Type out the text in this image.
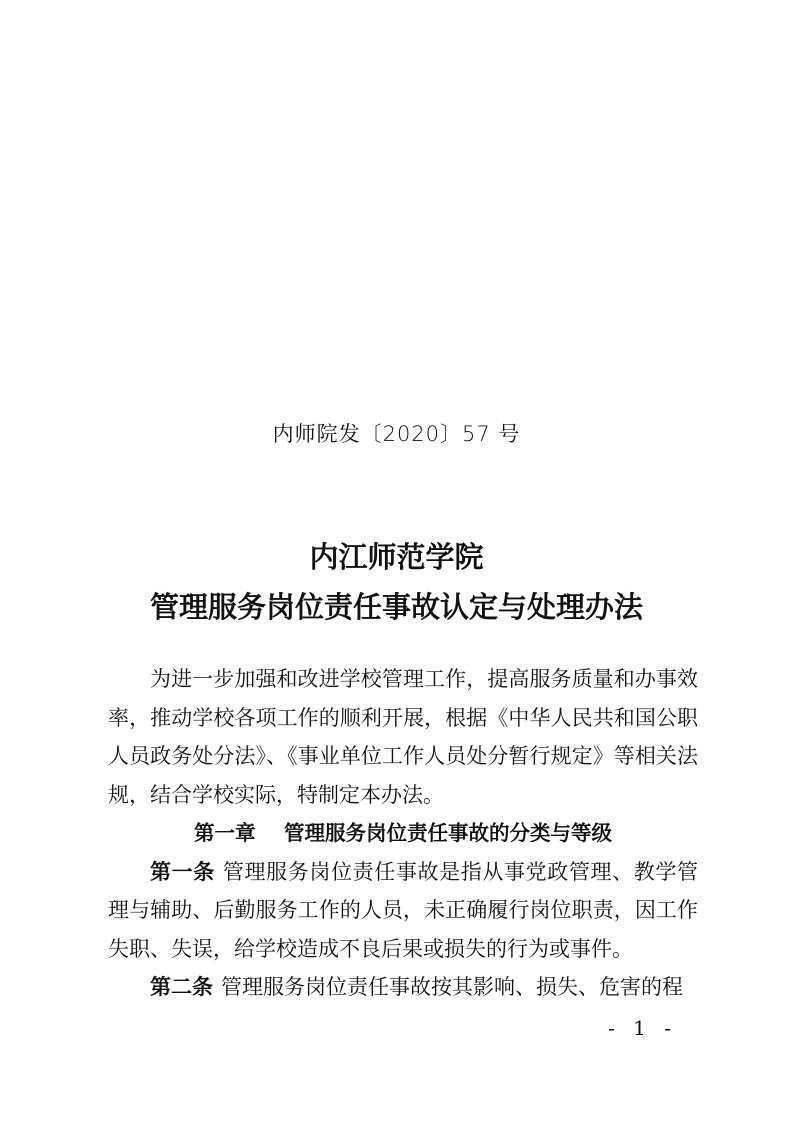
内师院发〔2020〕57 号
内江师范学院
管理服务岗位责任事故认定与处理办法

为进一步加强和改进学校管理工作，提高服务质量和办事效率，推动学校各项工作的顺利开展，根据《中华人民共和国公职人员政务处分法》、《事业单位工作人员处分暂行规定》等相关法规，结合学校实际，特制定本办法。

第一章 管理服务岗位责任事故的分类与等级

第一条 管理服务岗位责任事故是指从事党政管理、教学管理与辅助、后勤服务工作的人员，未正确履行岗位职责，因工作失职、失误，给学校造成不良后果或损失的行为或事件。

第二条 管理服务岗位责任事故按其影响、损失、危害的程

- 1 -
